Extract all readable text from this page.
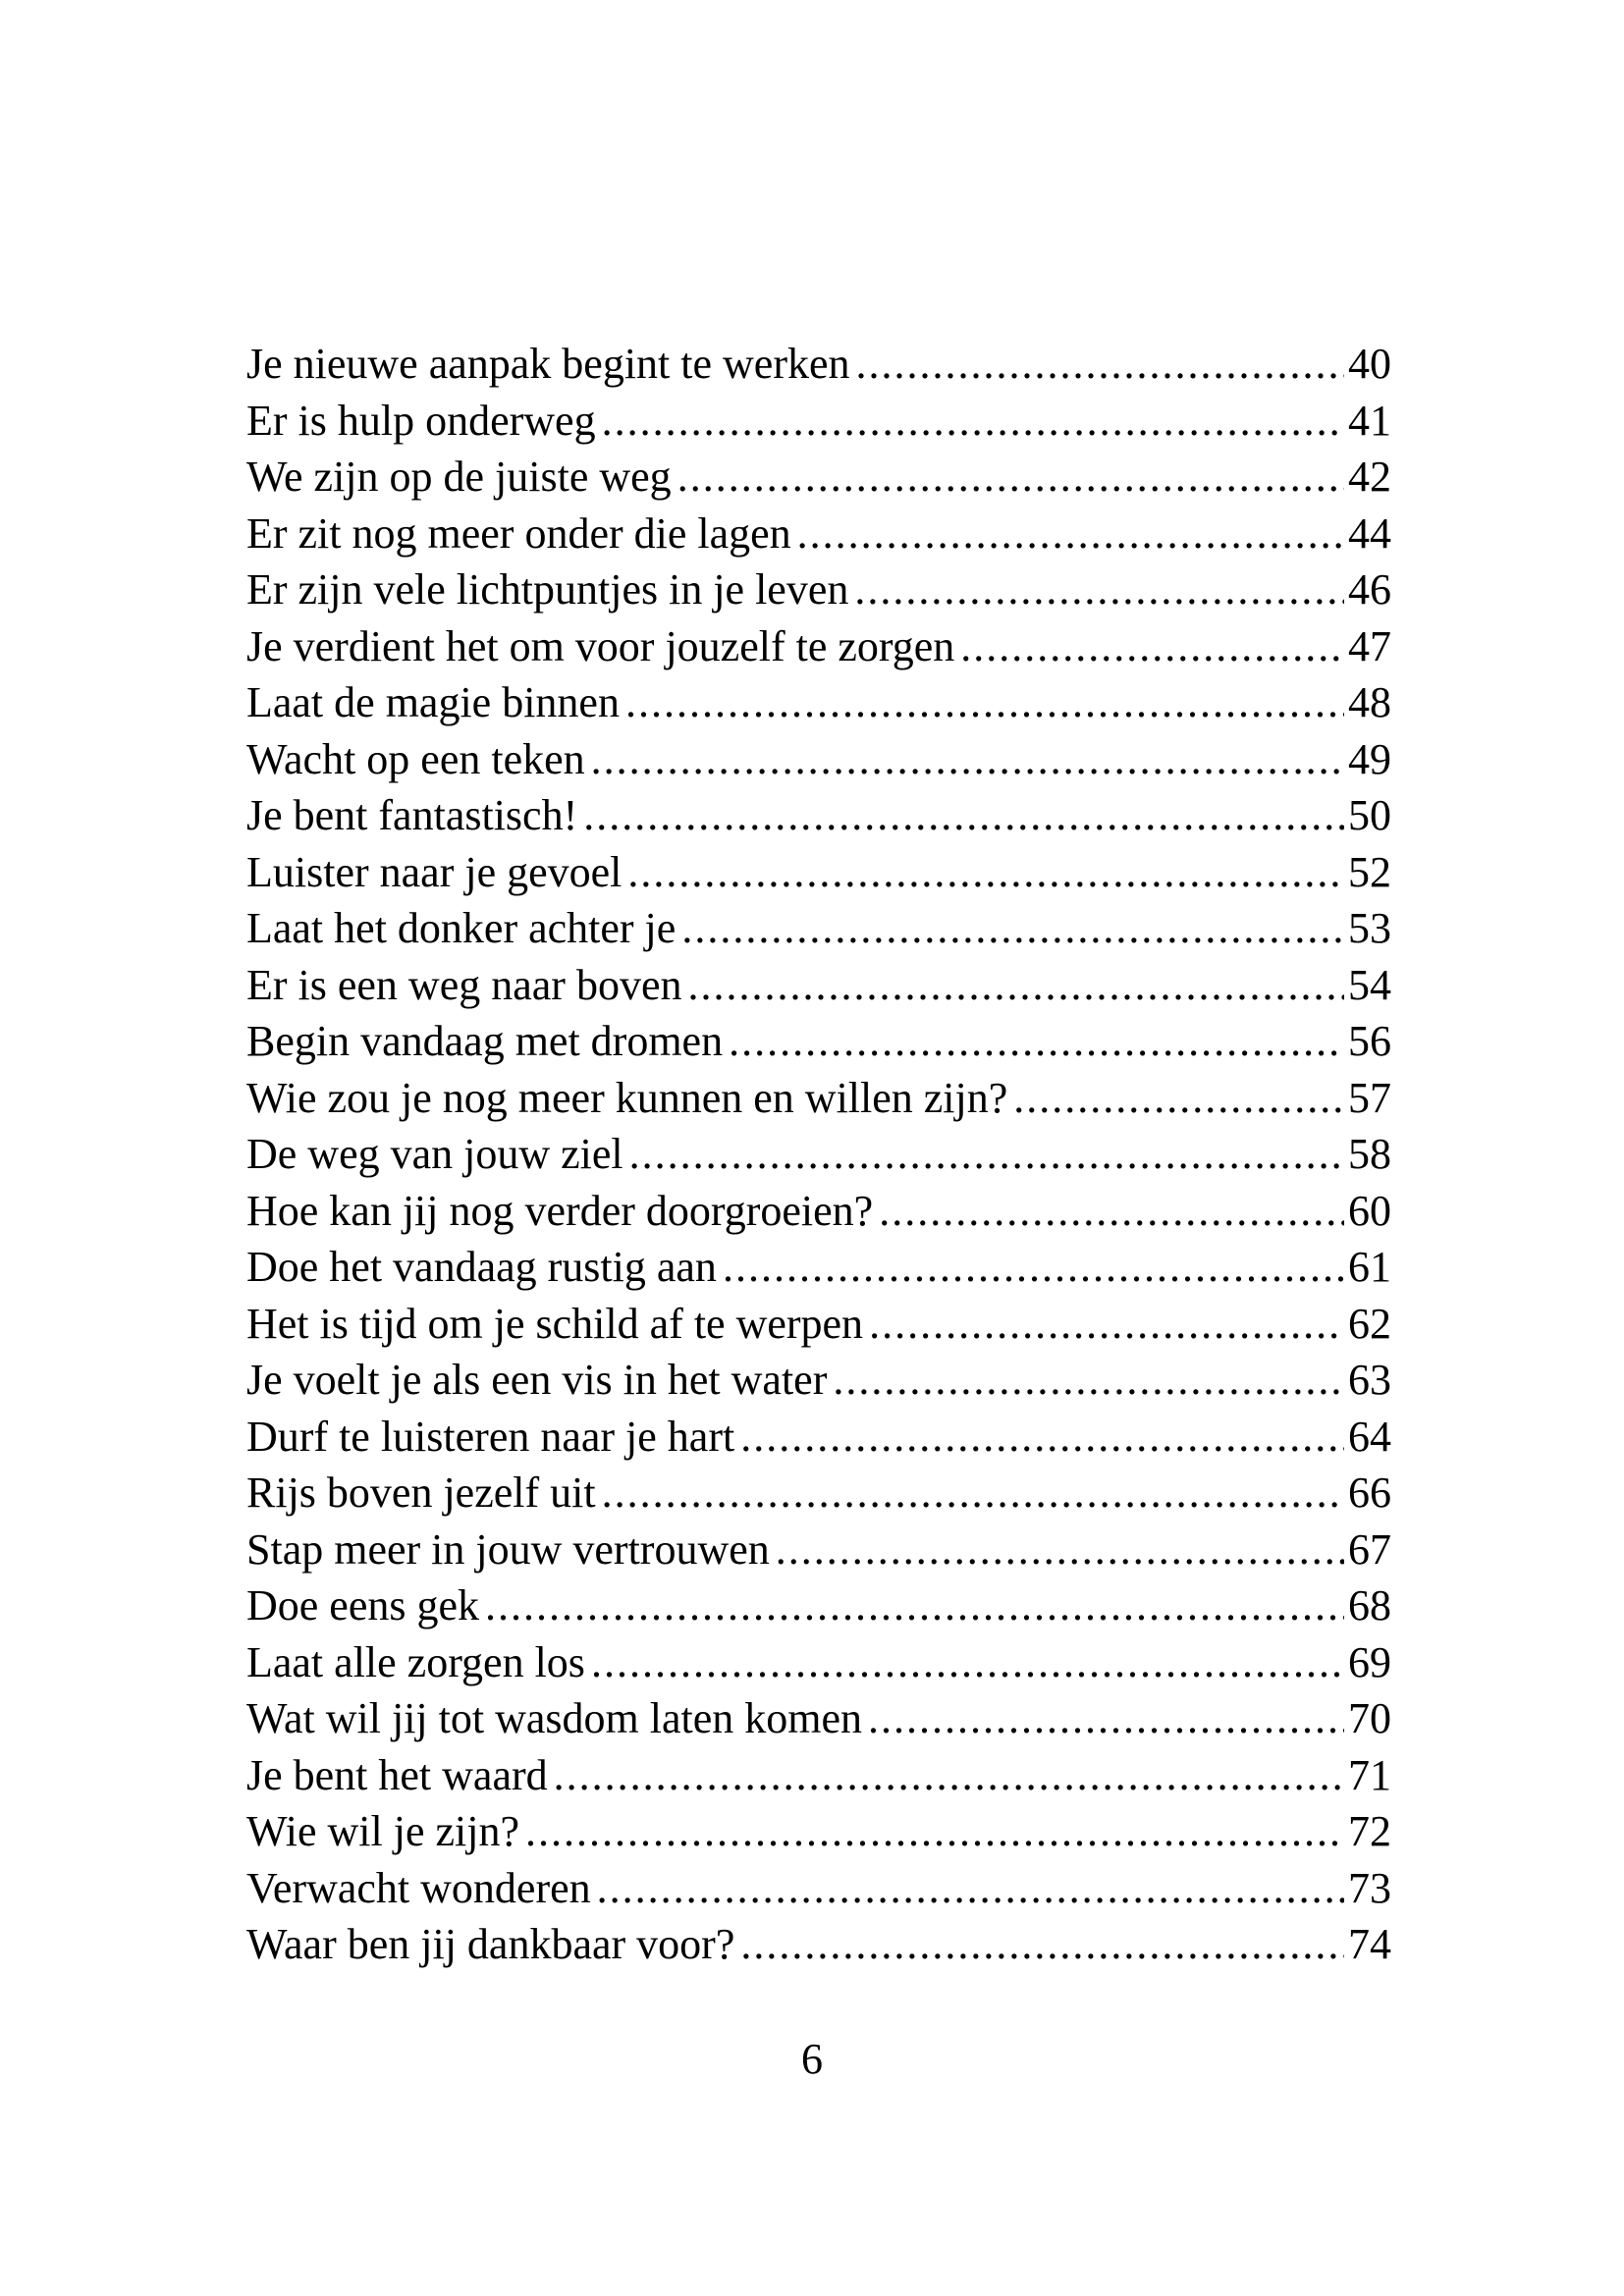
Je nieuwe aanpak begint te werken .....	40
Er is hulp onderweg .....	41
We zijn op de juiste weg .....	42
Er zit nog meer onder die lagen .....	44
Er zijn vele lichtpuntjes in je leven .....	46
Je verdient het om voor jouzelf te zorgen .....	47
Laat de magie binnen .....	48
Wacht op een teken .....	49
Je bent fantastisch! .....	50
Luister naar je gevoel .....	52
Laat het donker achter je .....	53
Er is een weg naar boven .....	54
Begin vandaag met dromen .....	56
Wie zou je nog meer kunnen en willen zijn? .....	57
De weg van jouw ziel .....	58
Hoe kan jij nog verder doorgroeien? .....	60
Doe het vandaag rustig aan .....	61
Het is tijd om je schild af te werpen .....	62
Je voelt je als een vis in het water .....	63
Durf te luisteren naar je hart .....	64
Rijs boven jezelf uit .....	66
Stap meer in jouw vertrouwen .....	67
Doe eens gek .....	68
Laat alle zorgen los .....	69
Wat wil jij tot wasdom laten komen .....	70
Je bent het waard .....	71
Wie wil je zijn? .....	72
Verwacht wonderen .....	73
Waar ben jij dankbaar voor? .....	74
6
